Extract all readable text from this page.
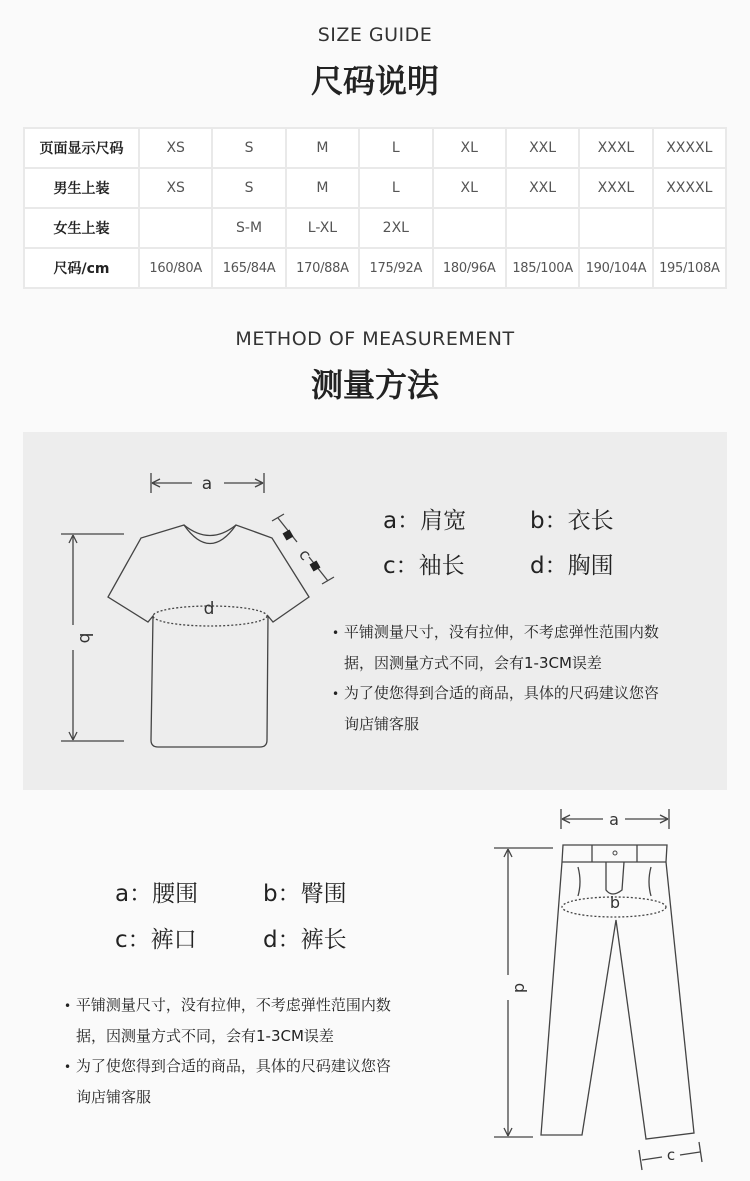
SIZE GUIDE
尺码说明
页面显示尺码	XS	S	M	L	XL	XXL	XXXL	XXXXL
男生上装	XS	S	M	L	XL	XXL	XXXL	XXXXL
女生上装		S-M	L-XL	2XL				
尺码/cm	160/80A	165/84A	170/88A	175/92A	180/96A	185/100A	190/104A	195/108A
METHOD OF MEASUREMENT
测量方法
a
b
c
d
a
b
c
d
a：肩宽	b：衣长
c：袖长	d：胸围
• 平铺测量尺寸，没有拉伸，不考虑弹性范围内数
据，因测量方式不同，会有1-3CM误差
• 为了使您得到合适的商品，具体的尺码建议您咨
询店铺客服
a：腰围	b：臀围
c：裤口	d：裤长
• 平铺测量尺寸，没有拉伸，不考虑弹性范围内数
据，因测量方式不同，会有1-3CM误差
• 为了使您得到合适的商品，具体的尺码建议您咨
询店铺客服
